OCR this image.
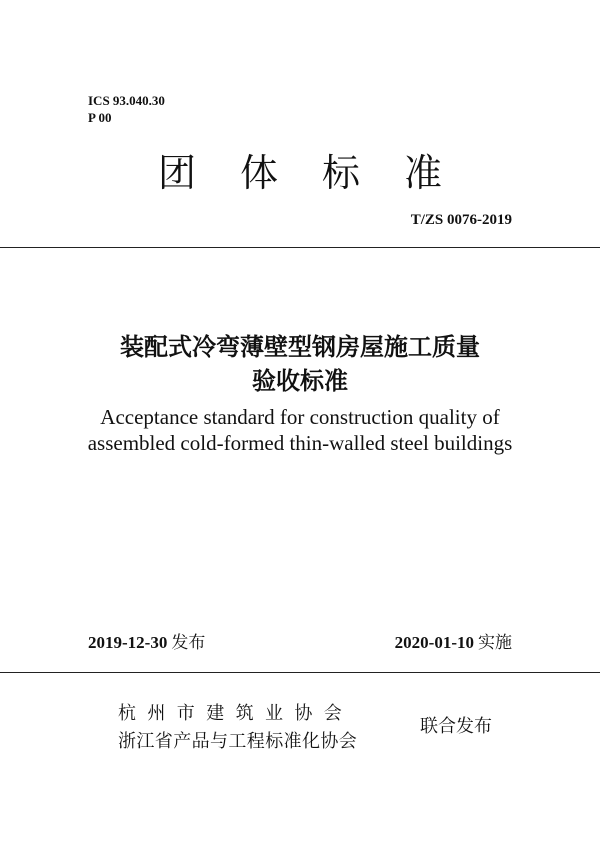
ICS 93.040.30
P 00
团体标准
T/ZS 0076-2019
装配式冷弯薄壁型钢房屋施工质量
验收标准
Acceptance standard for construction quality of
assembled cold-formed thin-walled steel buildings
2019-12-30 发布	2020-01-10 实施
杭州市建筑业协会
浙江省产品与工程标准化协会
联合发布
